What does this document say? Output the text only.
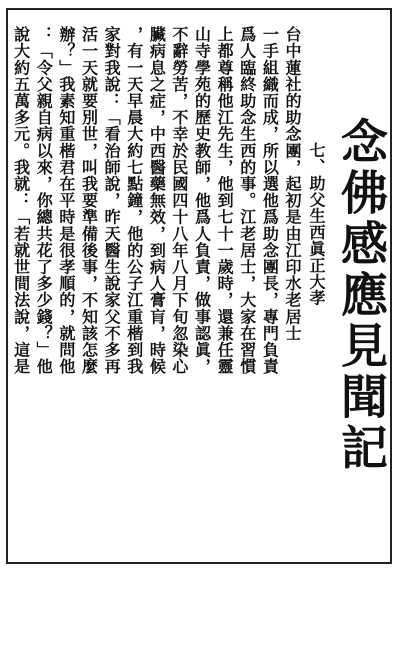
念佛感應見聞記
七、助父生西眞正大孝
台中蓮社的助念團，起初是由江印水老居士
一手組織而成，所以選他爲助念團長，專門負責
爲人臨終助念生西的事。江老居士，大家在習慣
上都尊稱他江先生，他到七十一歲時，還兼任靈
山寺學苑的歷史教師，他爲人負責，做事認眞，
不辭勞苦，不幸於民國四十八年八月下旬忽染心
臟病息之症，中西醫藥無效，到病人膏肓，時候
，有一天早晨大約七點鐘，他的公子江重楷到我
家對我說：「看治師說，昨天醫生說家父不多再
活一天就要別世，叫我要準備後事，不知該怎麼
辦？」我素知重楷君在平時是很孝順的，就問他
：「令父親自病以來，你總共花了多少錢？」他
說大約五萬多元。我就：「若就世間法說，這是
